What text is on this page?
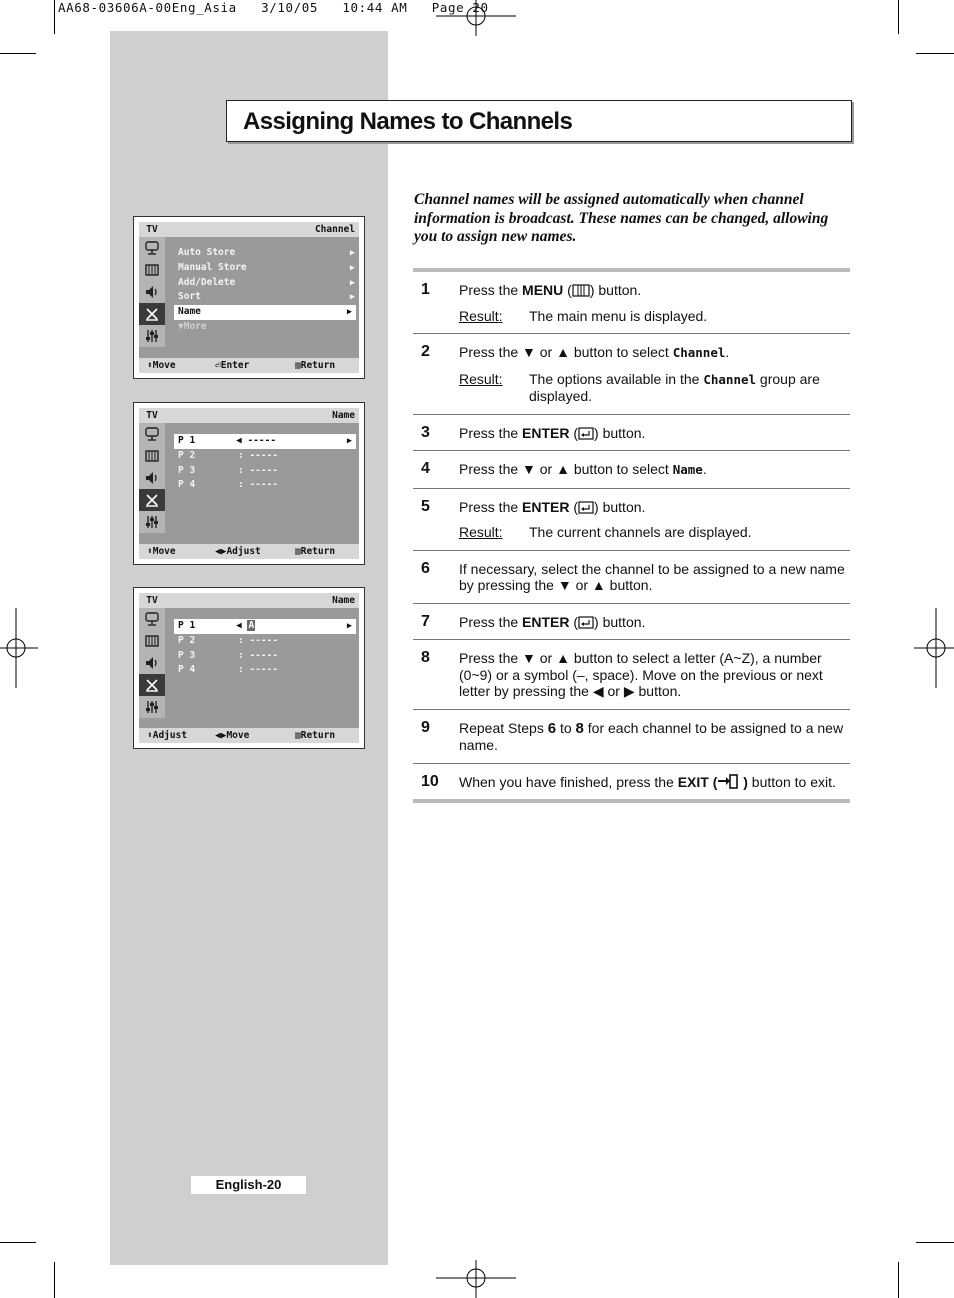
AA68-03606A-00Eng_Asia   3/10/05   10:44 AM   Page 20
Assigning Names to Channels
Channel names will be assigned automatically when channel information is broadcast. These names can be changed, allowing you to assign new names.
TV	Channel
Auto Store	▶
Manual Store	▶
Add/Delete	▶
Sort	▶
Name	▶
▼More
⬍Move	⏎Enter	▥Return
TV	Name
P 1	◀ -----	▶
P 2	: -----
P 3	: -----
P 4	: -----
⬍Move	◀▶Adjust	▥Return
TV	Name
P 1	◀ A	▶
P 2	: -----
P 3	: -----
P 4	: -----
⬍Adjust	◀▶Move	▥Return
1 Press the MENU ( ) button.
Result:	The main menu is displayed.
2 Press the ▼ or ▲ button to select Channel.
Result:	The options available in the Channel group are displayed.
3 Press the ENTER ( ) button.
4 Press the ▼ or ▲ button to select Name.
5 Press the ENTER ( ) button.
Result:	The current channels are displayed.
6 If necessary, select the channel to be assigned to a new name by pressing the ▼ or ▲ button.
7 Press the ENTER ( ) button.
8 Press the ▼ or ▲ button to select a letter (A~Z), a number (0~9) or a symbol (–, space). Move on the previous or next letter by pressing the ◀ or ▶ button.
9 Repeat Steps 6 to 8 for each channel to be assigned to a new name.
10 When you have finished, press the EXIT ( ) button to exit.
English-20
